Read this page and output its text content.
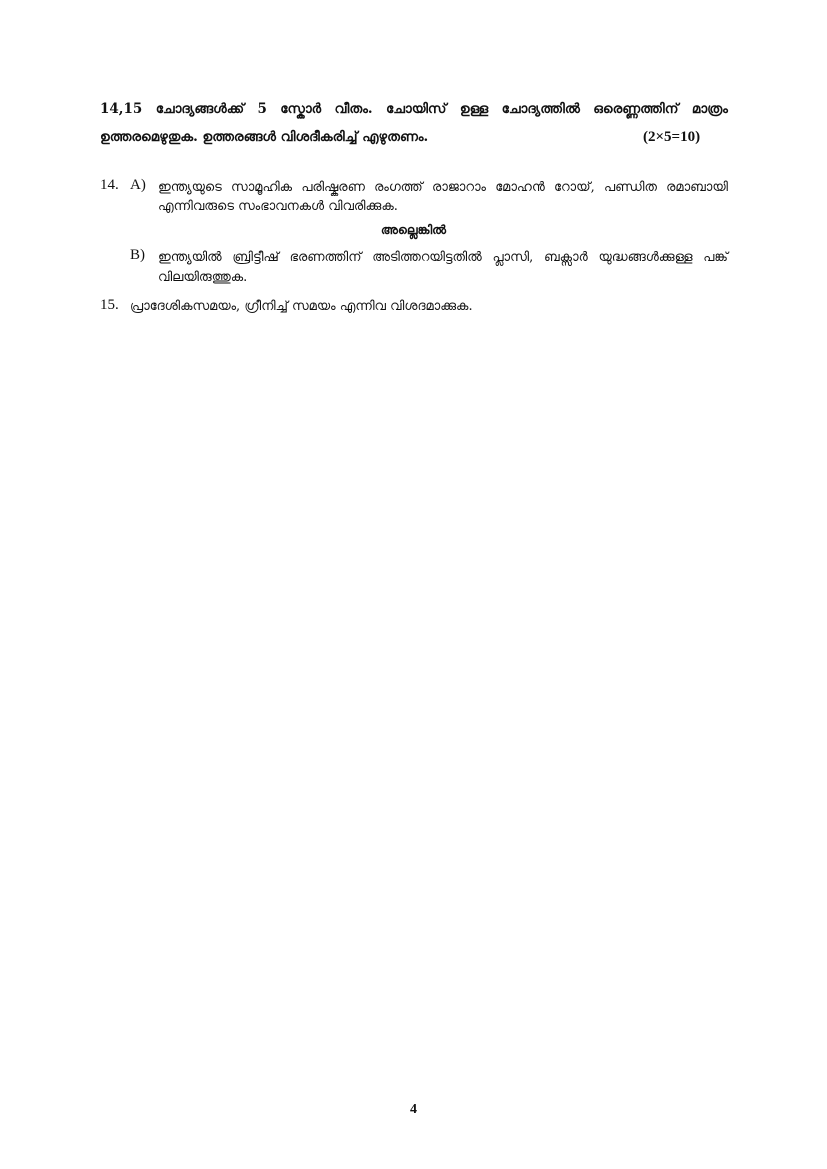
14,15 ചോദ്യങ്ങൾക്ക് 5 സ്കോർ വീതം. ചോയിസ് ഉള്ള ചോദ്യത്തിൽ ഒരെണ്ണത്തിന് മാത്രം
ഉത്തരമെഴുതുക. ഉത്തരങ്ങൾ വിശദീകരിച്ച് എഴുതണം.	(2×5=10)
14. A) ഇന്ത്യയുടെ സാമൂഹിക പരിഷ്കരണ രംഗത്ത് രാജാറാം മോഹൻ റോയ്, പണ്ഡിത രമാബായി
എന്നിവരുടെ സംഭാവനകൾ വിവരിക്കുക.
അല്ലെങ്കിൽ
B) ഇന്ത്യയിൽ ബ്രിട്ടീഷ് ഭരണത്തിന് അടിത്തറയിട്ടതിൽ പ്ലാസി, ബക്സാർ യുദ്ധങ്ങൾക്കുള്ള പങ്ക്
വിലയിരുത്തുക.
15. പ്രാദേശികസമയം, ഗ്രീനിച്ച് സമയം എന്നിവ വിശദമാക്കുക.
4
